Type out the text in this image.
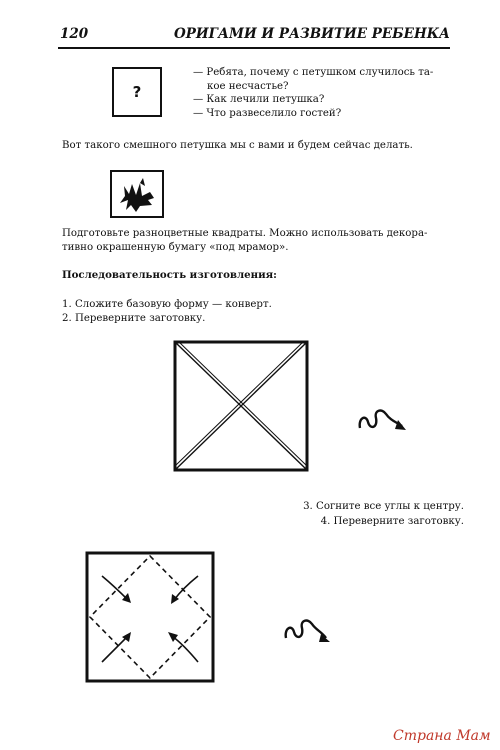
120	ОРИГАМИ И РАЗВИТИЕ РЕБЕНКА
?
— Ребята, почему с петушком случилось та-
кое несчастье?
— Как лечили петушка?
— Что развеселило гостей?
Вот такого смешного петушка мы с вами и будем сейчас делать.
Подготовьте разноцветные квадраты. Можно использовать декора-
тивно окрашенную бумагу «под мрамор».
Последовательность изготовления:
1. Сложите базовую форму — конверт.
2. Переверните заготовку.
3. Согните все углы к центру.
4. Переверните заготовку.
Страна Мам
